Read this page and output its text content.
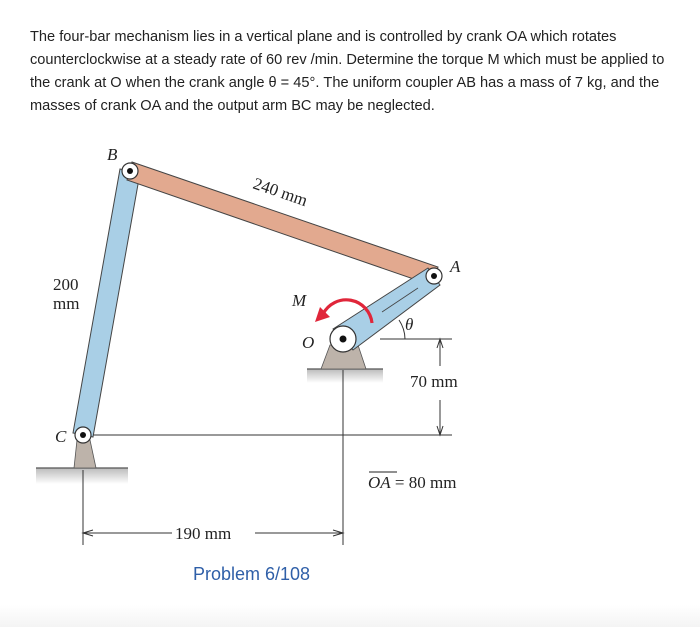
The four-bar mechanism lies in a vertical plane and is controlled by crank OA which rotates counterclockwise at a steady rate of 60 rev /min. Determine the torque M which must be applied to the crank at O when the crank angle θ = 45°. The uniform coupler AB has a mass of 7 kg, and the masses of crank OA and the output arm BC may be neglected.

B
A
C
O
M
θ
240 mm
200
mm
70 mm
190 mm
OA = 80 mm
Problem 6/108
